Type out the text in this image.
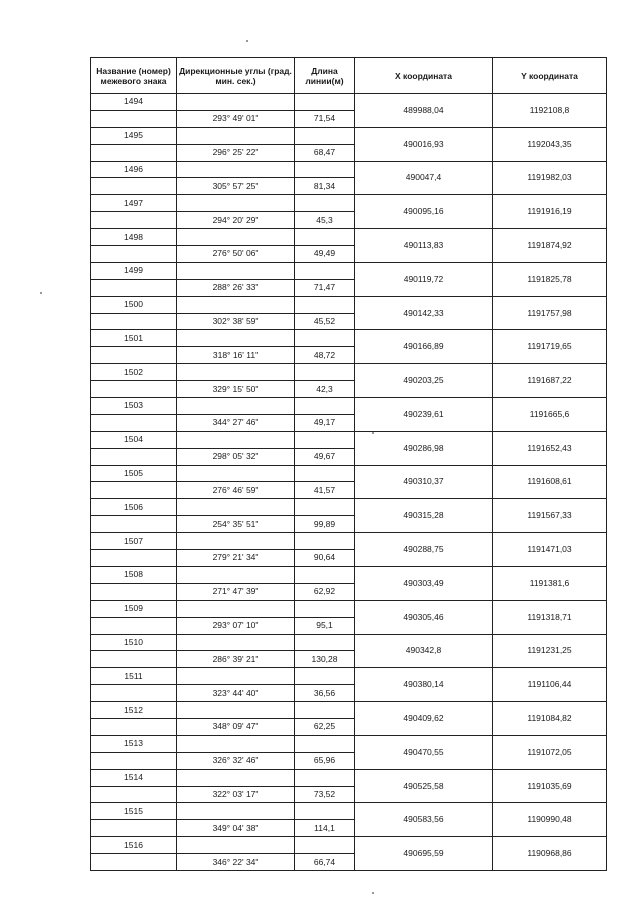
Название (номер) межевого знака	Дирекционные углы (град. мин. сек.)	Длина линии(м)	X координата	Y координата
1494			489988,04	1192108,8
	293° 49' 01"	71,54		
1495			490016,93	1192043,35
	296° 25' 22"	68,47		
1496			490047,4	1191982,03
	305° 57' 25"	81,34		
1497			490095,16	1191916,19
	294° 20' 29"	45,3		
1498			490113,83	1191874,92
	276° 50' 06"	49,49		
1499			490119,72	1191825,78
	288° 26' 33"	71,47		
1500			490142,33	1191757,98
	302° 38' 59"	45,52		
1501			490166,89	1191719,65
	318° 16' 11"	48,72		
1502			490203,25	1191687,22
	329° 15' 50"	42,3		
1503			490239,61	1191665,6
	344° 27' 46"	49,17		
1504			490286,98	1191652,43
	298° 05' 32"	49,67		
1505			490310,37	1191608,61
	276° 46' 59"	41,57		
1506			490315,28	1191567,33
	254° 35' 51"	99,89		
1507			490288,75	1191471,03
	279° 21' 34"	90,64		
1508			490303,49	1191381,6
	271° 47' 39"	62,92		
1509			490305,46	1191318,71
	293° 07' 10"	95,1		
1510			490342,8	1191231,25
	286° 39' 21"	130,28		
1511			490380,14	1191106,44
	323° 44' 40"	36,56		
1512			490409,62	1191084,82
	348° 09' 47"	62,25		
1513			490470,55	1191072,05
	326° 32' 46"	65,96		
1514			490525,58	1191035,69
	322° 03' 17"	73,52		
1515			490583,56	1190990,48
	349° 04' 38"	114,1		
1516			490695,59	1190968,86
	346° 22' 34"	66,74		
